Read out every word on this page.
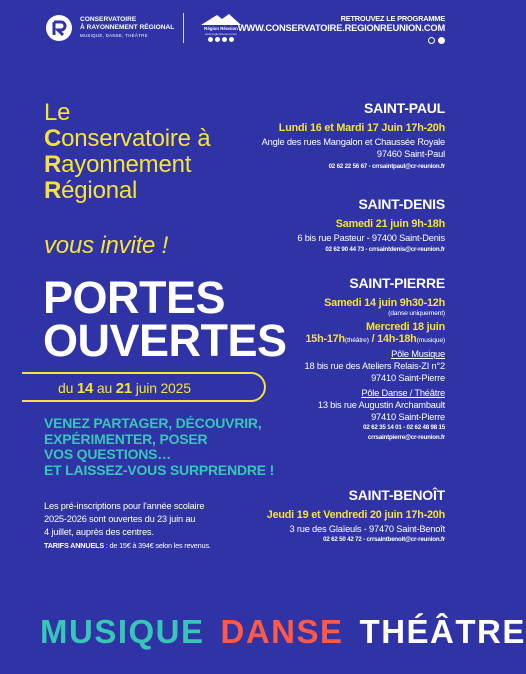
CONSERVATOIRE
À RAYONNEMENT RÉGIONAL
MUSIQUE, DANSE, THÉÂTRE
Région Réunion
www.regionreunion.com
RETROUVEZ LE PROGRAMME
WWW.CONSERVATOIRE.REGIONREUNION.COM
Le
Conservatoire à
Rayonnement
Régional
vous invite !
PORTES
OUVERTES
du 14 au 21 juin 2025
VENEZ PARTAGER, DÉCOUVRIR,
EXPÉRIMENTER, POSER
VOS QUESTIONS…
ET LAISSEZ-VOUS SURPRENDRE !
Les pré-inscriptions pour l'année scolaire
2025-2026 sont ouvertes du 23 juin au
4 juillet, auprès des centres.
TARIFS ANNUELS : de 15€ à 394€ selon les revenus.
SAINT-PAUL
Lundi 16 et Mardi 17 Juin 17h-20h
Angle des rues Mangalon et Chaussée Royale
97460 Saint-Paul
02 62 22 56 67 - crrsaintpaul@cr-reunion.fr
SAINT-DENIS
Samedi 21 juin 9h-18h
6 bis rue Pasteur - 97400 Saint-Denis
02 62 90 44 73 - crrsaintdenis@cr-reunion.fr
SAINT-PIERRE
Samedi 14 juin 9h30-12h
(danse uniquement)
Mercredi 18 juin
15h-17h(théâtre) / 14h-18h(musique)
Pôle Musique
18 bis rue des Ateliers Relais-ZI n°2
97410 Saint-Pierre
Pôle Danse / Théâtre
13 bis rue Augustin Archambault
97410 Saint-Pierre
02 62 35 14 01 - 02 62 48 98 15
crrsaintpierre@cr-reunion.fr
SAINT-BENOÎT
Jeudi 19 et Vendredi 20 juin 17h-20h
3 rue des Glaïeuls - 97470 Saint-Benoît
02 62 50 42 72 - crrsaintbenoit@cr-reunion.fr
MUSIQUE DANSE THÉÂTRE
